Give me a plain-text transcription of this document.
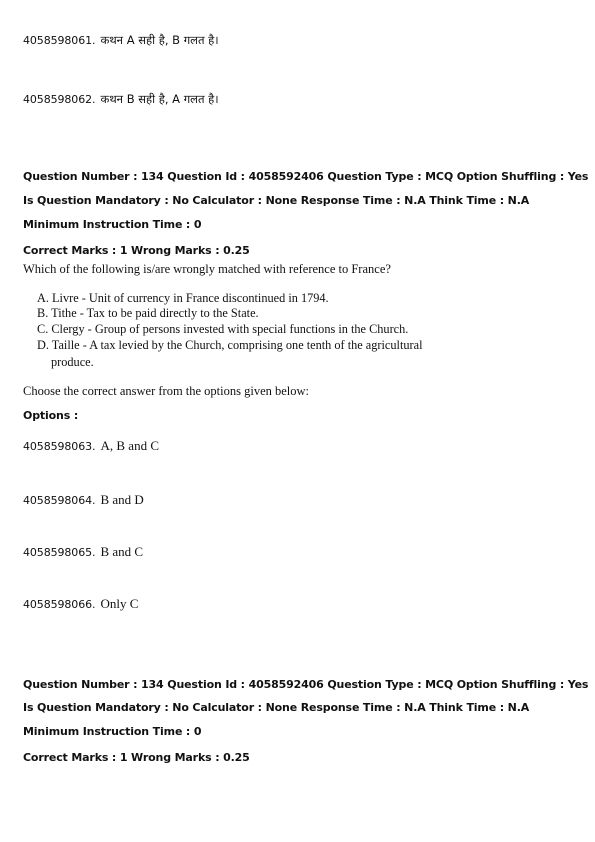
4058598061. कथन A सही है, B गलत है।
4058598062. कथन B सही है, A गलत है।
Question Number : 134 Question Id : 4058592406 Question Type : MCQ Option Shuffling : Yes
Is Question Mandatory : No Calculator : None Response Time : N.A Think Time : N.A
Minimum Instruction Time : 0
Correct Marks : 1 Wrong Marks : 0.25
Which of the following is/are wrongly matched with reference to France?
A. Livre - Unit of currency in France discontinued in 1794.
B. Tithe - Tax to be paid directly to the State.
C. Clergy - Group of persons invested with special functions in the Church.
D. Taille - A tax levied by the Church, comprising one tenth of the agricultural
produce.
Choose the correct answer from the options given below:
Options :
4058598063. A, B and C
4058598064. B and D
4058598065. B and C
4058598066. Only C
Question Number : 134 Question Id : 4058592406 Question Type : MCQ Option Shuffling : Yes
Is Question Mandatory : No Calculator : None Response Time : N.A Think Time : N.A
Minimum Instruction Time : 0
Correct Marks : 1 Wrong Marks : 0.25
